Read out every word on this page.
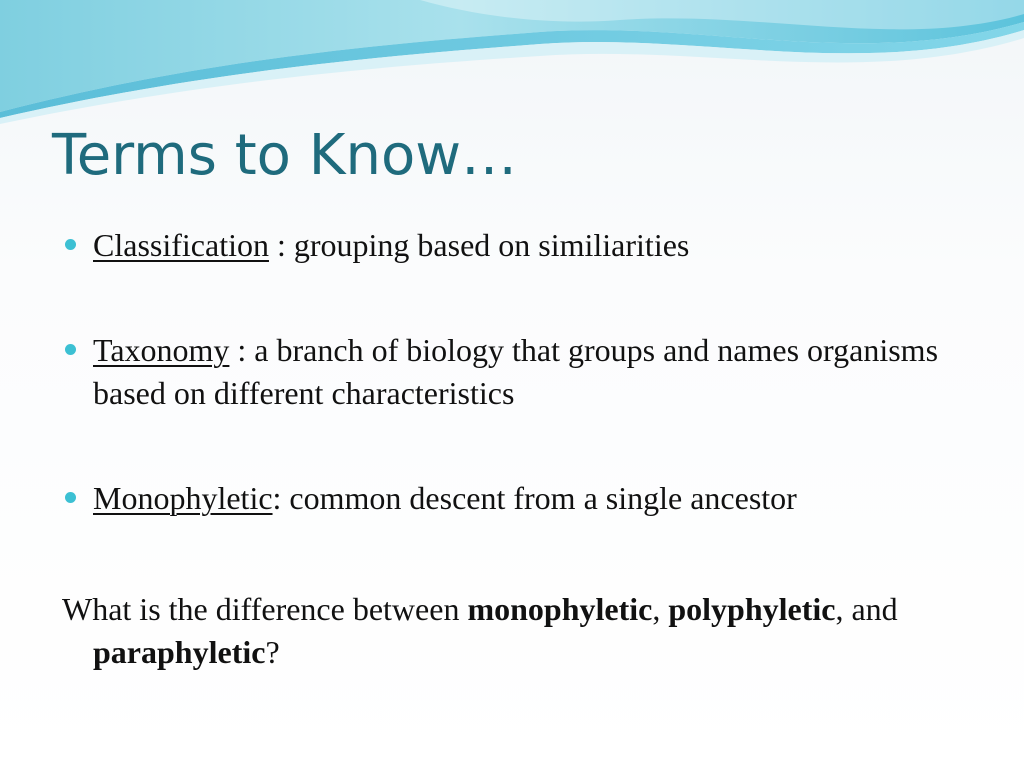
Terms to Know…
Classification : grouping based on similiarities
Taxonomy : a branch of biology that groups and names organisms based on different characteristics
Monophyletic: common descent from a single ancestor

What is the difference between monophyletic, polyphyletic, and paraphyletic?
